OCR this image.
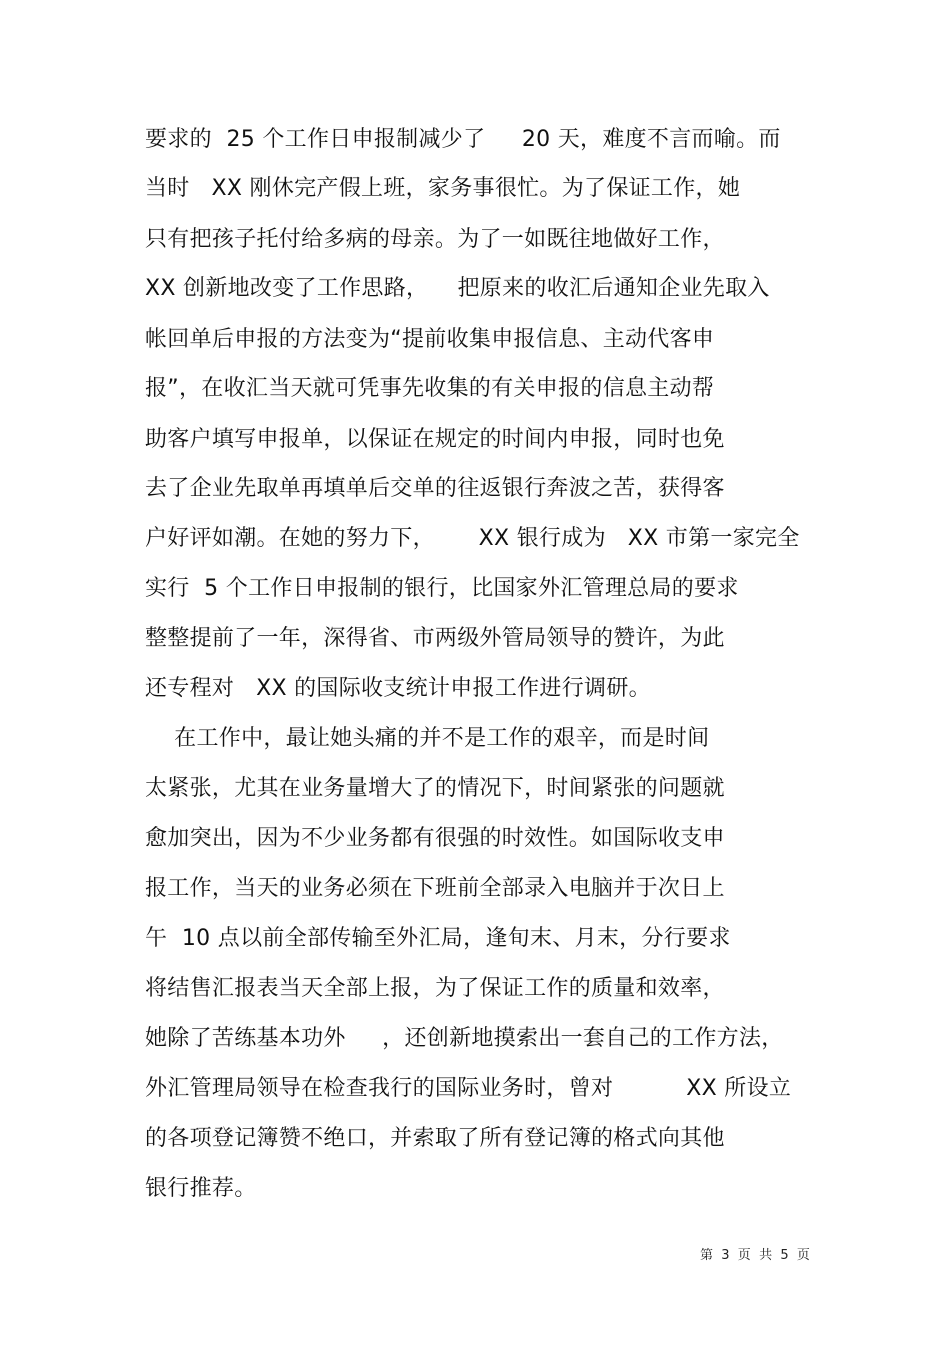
要求的  25 个工作日申报制减少了     20 天，难度不言而喻。而
当时   XX 刚休完产假上班，家务事很忙。为了保证工作，她
只有把孩子托付给多病的母亲。为了一如既往地做好工作，
XX 创新地改变了工作思路，    把原来的收汇后通知企业先取入
帐回单后申报的方法变为“提前收集申报信息、主动代客申
报”，在收汇当天就可凭事先收集的有关申报的信息主动帮
助客户填写申报单，以保证在规定的时间内申报，同时也免
去了企业先取单再填单后交单的往返银行奔波之苦，获得客
户好评如潮。在她的努力下，      XX 银行成为   XX 市第一家完全
实行  5 个工作日申报制的银行，比国家外汇管理总局的要求
整整提前了一年，深得省、市两级外管局领导的赞许，为此
还专程对   XX 的国际收支统计申报工作进行调研。
在工作中，最让她头痛的并不是工作的艰辛，而是时间
太紧张，尤其在业务量增大了的情况下，时间紧张的问题就
愈加突出，因为不少业务都有很强的时效性。如国际收支申
报工作，当天的业务必须在下班前全部录入电脑并于次日上
午  10 点以前全部传输至外汇局，逢旬末、月末，分行要求
将结售汇报表当天全部上报，为了保证工作的质量和效率，
她除了苦练基本功外     ，还创新地摸索出一套自己的工作方法，
外汇管理局领导在检查我行的国际业务时，曾对          XX 所设立
的各项登记簿赞不绝口，并索取了所有登记簿的格式向其他
银行推荐。
第  3  页  共  5  页
